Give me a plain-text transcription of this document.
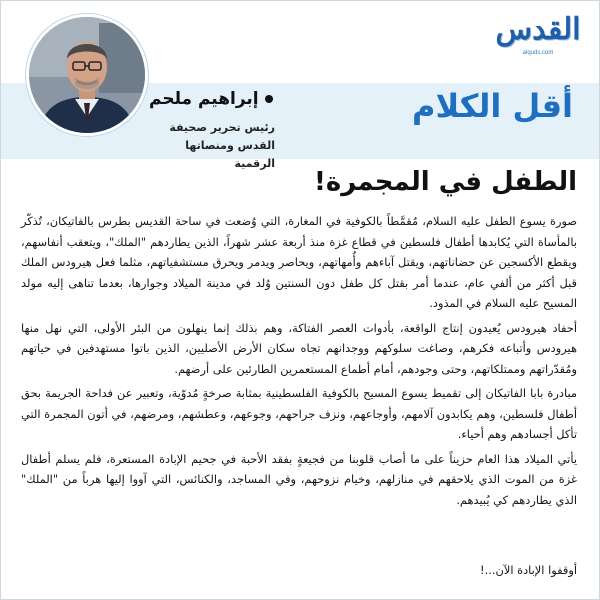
القدس
alquds.com
أقل الكلام
إبراهيم ملحم
رئيس تحرير صحيفة القدس ومنصاتها الرقمية
الطفل في المجمرة!

صورة يسوع الطفل عليه السلام، مُقمَّطاً بالكوفية في المغارة، التي وُضعت في ساحة القديس بطرس بالفاتيكان، تُذكّر بالمأساة التي يُكابدها أطفال فلسطين في قطاع غزة منذ أربعة عشر شهراً، الذين يطاردهم "الملك"، ويتعقب أنفاسهم، ويقطع الأكسجين عن حضاناتهم، ويقتل آباءهم وأُمهاتهم، ويحاصر ويدمر ويحرق مستشفياتهم، مثلما فعل هيرودس الملك قبل أكثر من ألفي عام، عندما أمر بقتل كل طفل دون السنتين وُلد في مدينة الميلاد وجوارها، بعدما تناهى إليه مولد المسيح عليه السلام في المذود.

أحفاد هيرودس يُعيدون إنتاج الواقعة، بأدوات العصر الفتاكة، وهم بذلك إنما ينهلون من البئر الأولى، التي نهل منها هيرودس وأتباعه فكرهم، وصاغت سلوكهم ووجدانهم تجاه سكان الأرض الأصليين، الذين باتوا مستهدفين في حياتهم ومُقدّراتهم وممتلكاتهم، وحتى وجودهم، أمام أطماع المستعمرين الطارئين على أرضهم.

مبادرة بابا الفاتيكان إلى تقميط يسوع المسيح بالكوفية الفلسطينية بمثابة صرخةٍ مُدوّية، وتعبير عن فداحة الجريمة بحق أطفال فلسطين، وهم يكابدون آلامهم، وأوجاعهم، ونزف جراحهم، وجوعهم، وعطشهم، ومرضهم، في أتون المجمرة التي تأكل أجسادهم وهم أحياء.

يأتي الميلاد هذا العام حزيناً على ما أصاب قلوبنا من فجيعةٍ بفقد الأحبة في جحيم الإبادة المستعرة، فلم يسلم أطفال غزة من الموت الذي يلاحقهم في منازلهم، وخيام نزوحهم، وفي المساجد، والكنائس، التي آووا إليها هرباً من "الملك" الذي يطاردهم كي يُبيدهم.

أوقفوا الإبادة الآن...!
